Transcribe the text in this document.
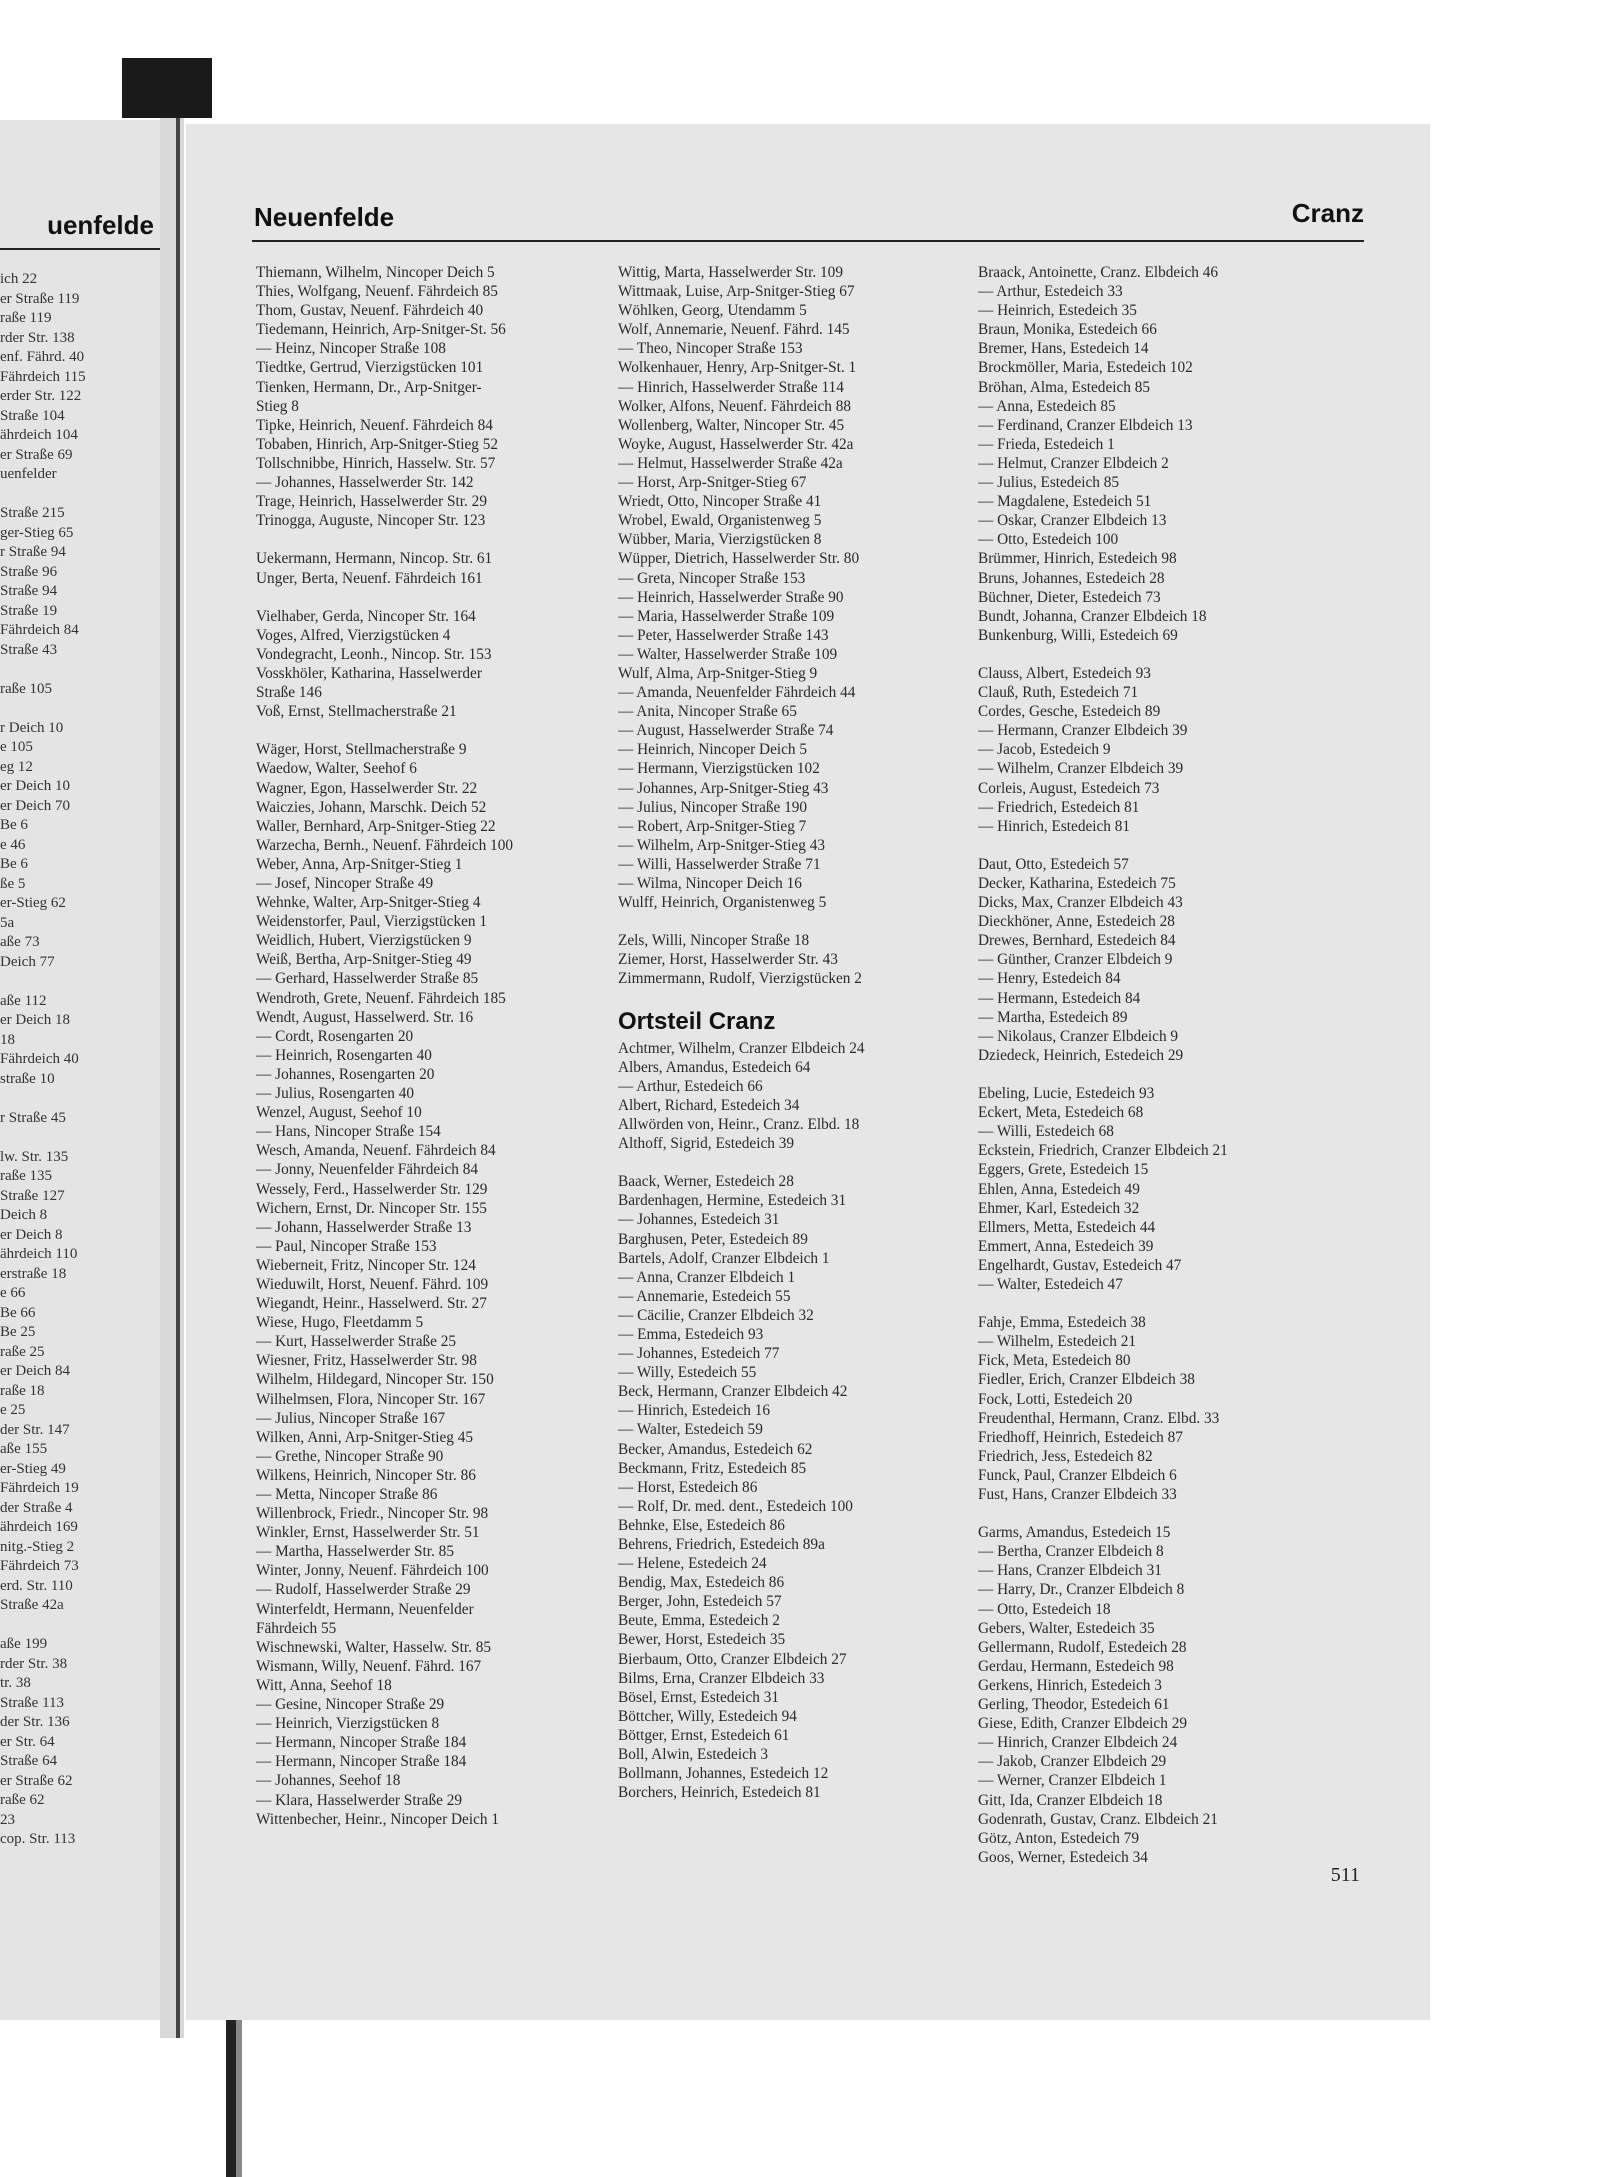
uenfelde
ich 22
er Straße 119
raße 119
rder Str. 138
enf. Fährd. 40
Fährdeich 115
erder Str. 122
Straße 104
ährdeich 104
er Straße 69
uenfelder
Straße 215
ger-Stieg 65
r Straße 94
Straße 96
Straße 94
Straße 19
Fährdeich 84
Straße 43
raße 105
r Deich 10
e 105
eg 12
er Deich 10
er Deich 70
Be 6
e 46
Be 6
ße 5
er-Stieg 62
5a
aße 73
Deich 77
aße 112
er Deich 18
18
Fährdeich 40
straße 10
r Straße 45
lw. Str. 135
raße 135
Straße 127
Deich 8
er Deich 8
ährdeich 110
erstraße 18
e 66
Be 66
Be 25
raße 25
er Deich 84
raße 18
e 25
der Str. 147
aße 155
er-Stieg 49
Fährdeich 19
der Straße 4
ährdeich 169
nitg.-Stieg 2
Fährdeich 73
erd. Str. 110
Straße 42a
aße 199
rder Str. 38
tr. 38
Straße 113
der Str. 136
er Str. 64
Straße 64
er Straße 62
raße 62
23
cop. Str. 113
Neuenfelde	Cranz
Thiemann, Wilhelm, Nincoper Deich 5
Thies, Wolfgang, Neuenf. Fährdeich 85
Thom, Gustav, Neuenf. Fährdeich 40
Tiedemann, Heinrich, Arp-Snitger-St. 56
— Heinz, Nincoper Straße 108
Tiedtke, Gertrud, Vierzigstücken 101
Tienken, Hermann, Dr., Arp-Snitger-
Stieg 8
Tipke, Heinrich, Neuenf. Fährdeich 84
Tobaben, Hinrich, Arp-Snitger-Stieg 52
Tollschnibbe, Hinrich, Hasselw. Str. 57
— Johannes, Hasselwerder Str. 142
Trage, Heinrich, Hasselwerder Str. 29
Trinogga, Auguste, Nincoper Str. 123
Uekermann, Hermann, Nincop. Str. 61
Unger, Berta, Neuenf. Fährdeich 161
Vielhaber, Gerda, Nincoper Str. 164
Voges, Alfred, Vierzigstücken 4
Vondegracht, Leonh., Nincop. Str. 153
Vosskhöler, Katharina, Hasselwerder
Straße 146
Voß, Ernst, Stellmacherstraße 21
Wäger, Horst, Stellmacherstraße 9
Waedow, Walter, Seehof 6
Wagner, Egon, Hasselwerder Str. 22
Waiczies, Johann, Marschk. Deich 52
Waller, Bernhard, Arp-Snitger-Stieg 22
Warzecha, Bernh., Neuenf. Fährdeich 100
Weber, Anna, Arp-Snitger-Stieg 1
— Josef, Nincoper Straße 49
Wehnke, Walter, Arp-Snitger-Stieg 4
Weidenstorfer, Paul, Vierzigstücken 1
Weidlich, Hubert, Vierzigstücken 9
Weiß, Bertha, Arp-Snitger-Stieg 49
— Gerhard, Hasselwerder Straße 85
Wendroth, Grete, Neuenf. Fährdeich 185
Wendt, August, Hasselwerd. Str. 16
— Cordt, Rosengarten 20
— Heinrich, Rosengarten 40
— Johannes, Rosengarten 20
— Julius, Rosengarten 40
Wenzel, August, Seehof 10
— Hans, Nincoper Straße 154
Wesch, Amanda, Neuenf. Fährdeich 84
— Jonny, Neuenfelder Fährdeich 84
Wessely, Ferd., Hasselwerder Str. 129
Wichern, Ernst, Dr. Nincoper Str. 155
— Johann, Hasselwerder Straße 13
— Paul, Nincoper Straße 153
Wieberneit, Fritz, Nincoper Str. 124
Wieduwilt, Horst, Neuenf. Fährd. 109
Wiegandt, Heinr., Hasselwerd. Str. 27
Wiese, Hugo, Fleetdamm 5
— Kurt, Hasselwerder Straße 25
Wiesner, Fritz, Hasselwerder Str. 98
Wilhelm, Hildegard, Nincoper Str. 150
Wilhelmsen, Flora, Nincoper Str. 167
— Julius, Nincoper Straße 167
Wilken, Anni, Arp-Snitger-Stieg 45
— Grethe, Nincoper Straße 90
Wilkens, Heinrich, Nincoper Str. 86
— Metta, Nincoper Straße 86
Willenbrock, Friedr., Nincoper Str. 98
Winkler, Ernst, Hasselwerder Str. 51
— Martha, Hasselwerder Str. 85
Winter, Jonny, Neuenf. Fährdeich 100
— Rudolf, Hasselwerder Straße 29
Winterfeldt, Hermann, Neuenfelder
Fährdeich 55
Wischnewski, Walter, Hasselw. Str. 85
Wismann, Willy, Neuenf. Fährd. 167
Witt, Anna, Seehof 18
— Gesine, Nincoper Straße 29
— Heinrich, Vierzigstücken 8
— Hermann, Nincoper Straße 184
— Hermann, Nincoper Straße 184
— Johannes, Seehof 18
— Klara, Hasselwerder Straße 29
Wittenbecher, Heinr., Nincoper Deich 1
Wittig, Marta, Hasselwerder Str. 109
Wittmaak, Luise, Arp-Snitger-Stieg 67
Wöhlken, Georg, Utendamm 5
Wolf, Annemarie, Neuenf. Fährd. 145
— Theo, Nincoper Straße 153
Wolkenhauer, Henry, Arp-Snitger-St. 1
— Hinrich, Hasselwerder Straße 114
Wolker, Alfons, Neuenf. Fährdeich 88
Wollenberg, Walter, Nincoper Str. 45
Woyke, August, Hasselwerder Str. 42a
— Helmut, Hasselwerder Straße 42a
— Horst, Arp-Snitger-Stieg 67
Wriedt, Otto, Nincoper Straße 41
Wrobel, Ewald, Organistenweg 5
Wübber, Maria, Vierzigstücken 8
Wüpper, Dietrich, Hasselwerder Str. 80
— Greta, Nincoper Straße 153
— Heinrich, Hasselwerder Straße 90
— Maria, Hasselwerder Straße 109
— Peter, Hasselwerder Straße 143
— Walter, Hasselwerder Straße 109
Wulf, Alma, Arp-Snitger-Stieg 9
— Amanda, Neuenfelder Fährdeich 44
— Anita, Nincoper Straße 65
— August, Hasselwerder Straße 74
— Heinrich, Nincoper Deich 5
— Hermann, Vierzigstücken 102
— Johannes, Arp-Snitger-Stieg 43
— Julius, Nincoper Straße 190
— Robert, Arp-Snitger-Stieg 7
— Wilhelm, Arp-Snitger-Stieg 43
— Willi, Hasselwerder Straße 71
— Wilma, Nincoper Deich 16
Wulff, Heinrich, Organistenweg 5
Zels, Willi, Nincoper Straße 18
Ziemer, Horst, Hasselwerder Str. 43
Zimmermann, Rudolf, Vierzigstücken 2
Ortsteil Cranz
Achtmer, Wilhelm, Cranzer Elbdeich 24
Albers, Amandus, Estedeich 64
— Arthur, Estedeich 66
Albert, Richard, Estedeich 34
Allwörden von, Heinr., Cranz. Elbd. 18
Althoff, Sigrid, Estedeich 39
Baack, Werner, Estedeich 28
Bardenhagen, Hermine, Estedeich 31
— Johannes, Estedeich 31
Barghusen, Peter, Estedeich 89
Bartels, Adolf, Cranzer Elbdeich 1
— Anna, Cranzer Elbdeich 1
— Annemarie, Estedeich 55
— Cäcilie, Cranzer Elbdeich 32
— Emma, Estedeich 93
— Johannes, Estedeich 77
— Willy, Estedeich 55
Beck, Hermann, Cranzer Elbdeich 42
— Hinrich, Estedeich 16
— Walter, Estedeich 59
Becker, Amandus, Estedeich 62
Beckmann, Fritz, Estedeich 85
— Horst, Estedeich 86
— Rolf, Dr. med. dent., Estedeich 100
Behnke, Else, Estedeich 86
Behrens, Friedrich, Estedeich 89a
— Helene, Estedeich 24
Bendig, Max, Estedeich 86
Berger, John, Estedeich 57
Beute, Emma, Estedeich 2
Bewer, Horst, Estedeich 35
Bierbaum, Otto, Cranzer Elbdeich 27
Bilms, Erna, Cranzer Elbdeich 33
Bösel, Ernst, Estedeich 31
Böttcher, Willy, Estedeich 94
Böttger, Ernst, Estedeich 61
Boll, Alwin, Estedeich 3
Bollmann, Johannes, Estedeich 12
Borchers, Heinrich, Estedeich 81
Braack, Antoinette, Cranz. Elbdeich 46
— Arthur, Estedeich 33
— Heinrich, Estedeich 35
Braun, Monika, Estedeich 66
Bremer, Hans, Estedeich 14
Brockmöller, Maria, Estedeich 102
Bröhan, Alma, Estedeich 85
— Anna, Estedeich 85
— Ferdinand, Cranzer Elbdeich 13
— Frieda, Estedeich 1
— Helmut, Cranzer Elbdeich 2
— Julius, Estedeich 85
— Magdalene, Estedeich 51
— Oskar, Cranzer Elbdeich 13
— Otto, Estedeich 100
Brümmer, Hinrich, Estedeich 98
Bruns, Johannes, Estedeich 28
Büchner, Dieter, Estedeich 73
Bundt, Johanna, Cranzer Elbdeich 18
Bunkenburg, Willi, Estedeich 69
Clauss, Albert, Estedeich 93
Clauß, Ruth, Estedeich 71
Cordes, Gesche, Estedeich 89
— Hermann, Cranzer Elbdeich 39
— Jacob, Estedeich 9
— Wilhelm, Cranzer Elbdeich 39
Corleis, August, Estedeich 73
— Friedrich, Estedeich 81
— Hinrich, Estedeich 81
Daut, Otto, Estedeich 57
Decker, Katharina, Estedeich 75
Dicks, Max, Cranzer Elbdeich 43
Dieckhöner, Anne, Estedeich 28
Drewes, Bernhard, Estedeich 84
— Günther, Cranzer Elbdeich 9
— Henry, Estedeich 84
— Hermann, Estedeich 84
— Martha, Estedeich 89
— Nikolaus, Cranzer Elbdeich 9
Dziedeck, Heinrich, Estedeich 29
Ebeling, Lucie, Estedeich 93
Eckert, Meta, Estedeich 68
— Willi, Estedeich 68
Eckstein, Friedrich, Cranzer Elbdeich 21
Eggers, Grete, Estedeich 15
Ehlen, Anna, Estedeich 49
Ehmer, Karl, Estedeich 32
Ellmers, Metta, Estedeich 44
Emmert, Anna, Estedeich 39
Engelhardt, Gustav, Estedeich 47
— Walter, Estedeich 47
Fahje, Emma, Estedeich 38
— Wilhelm, Estedeich 21
Fick, Meta, Estedeich 80
Fiedler, Erich, Cranzer Elbdeich 38
Fock, Lotti, Estedeich 20
Freudenthal, Hermann, Cranz. Elbd. 33
Friedhoff, Heinrich, Estedeich 87
Friedrich, Jess, Estedeich 82
Funck, Paul, Cranzer Elbdeich 6
Fust, Hans, Cranzer Elbdeich 33
Garms, Amandus, Estedeich 15
— Bertha, Cranzer Elbdeich 8
— Hans, Cranzer Elbdeich 31
— Harry, Dr., Cranzer Elbdeich 8
— Otto, Estedeich 18
Gebers, Walter, Estedeich 35
Gellermann, Rudolf, Estedeich 28
Gerdau, Hermann, Estedeich 98
Gerkens, Hinrich, Estedeich 3
Gerling, Theodor, Estedeich 61
Giese, Edith, Cranzer Elbdeich 29
— Hinrich, Cranzer Elbdeich 24
— Jakob, Cranzer Elbdeich 29
— Werner, Cranzer Elbdeich 1
Gitt, Ida, Cranzer Elbdeich 18
Godenrath, Gustav, Cranz. Elbdeich 21
Götz, Anton, Estedeich 79
Goos, Werner, Estedeich 34
511
